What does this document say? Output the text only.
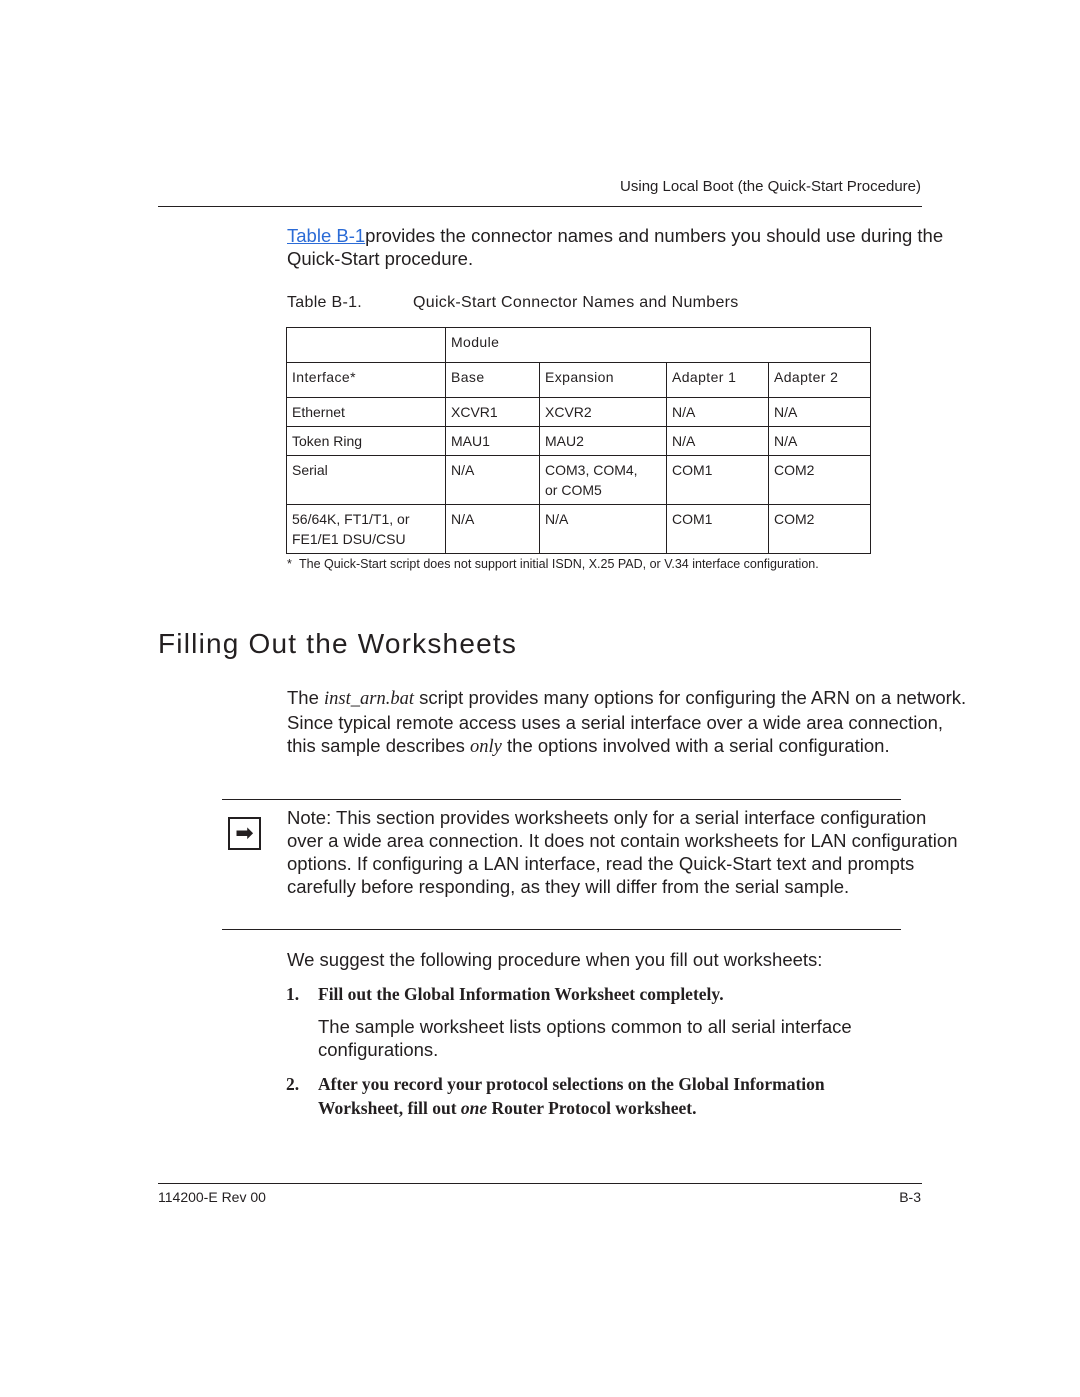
Using Local Boot (the Quick-Start Procedure)
Table B-1provides the connector names and numbers you should use during the Quick-Start procedure.
Table B-1.	Quick-Start Connector Names and Numbers
	Module			
Interface*	Base	Expansion	Adapter 1	Adapter 2
Ethernet	XCVR1	XCVR2	N/A	N/A
Token Ring	MAU1	MAU2	N/A	N/A
Serial	N/A	COM3, COM4, or COM5	COM1	COM2
56/64K, FT1/T1, or FE1/E1 DSU/CSU	N/A	N/A	COM1	COM2
* The Quick-Start script does not support initial ISDN, X.25 PAD, or V.34 interface configuration.
Filling Out the Worksheets
The inst_arn.bat script provides many options for configuring the ARN on a network. Since typical remote access uses a serial interface over a wide area connection, this sample describes only the options involved with a serial configuration.
➡
Note: This section provides worksheets only for a serial interface configuration over a wide area connection. It does not contain worksheets for LAN configuration options. If configuring a LAN interface, read the Quick-Start text and prompts carefully before responding, as they will differ from the serial sample.
We suggest the following procedure when you fill out worksheets:
1. Fill out the Global Information Worksheet completely.
The sample worksheet lists options common to all serial interface configurations.
2. After you record your protocol selections on the Global Information Worksheet, fill out one Router Protocol worksheet.
114200-E Rev 00	B-3
